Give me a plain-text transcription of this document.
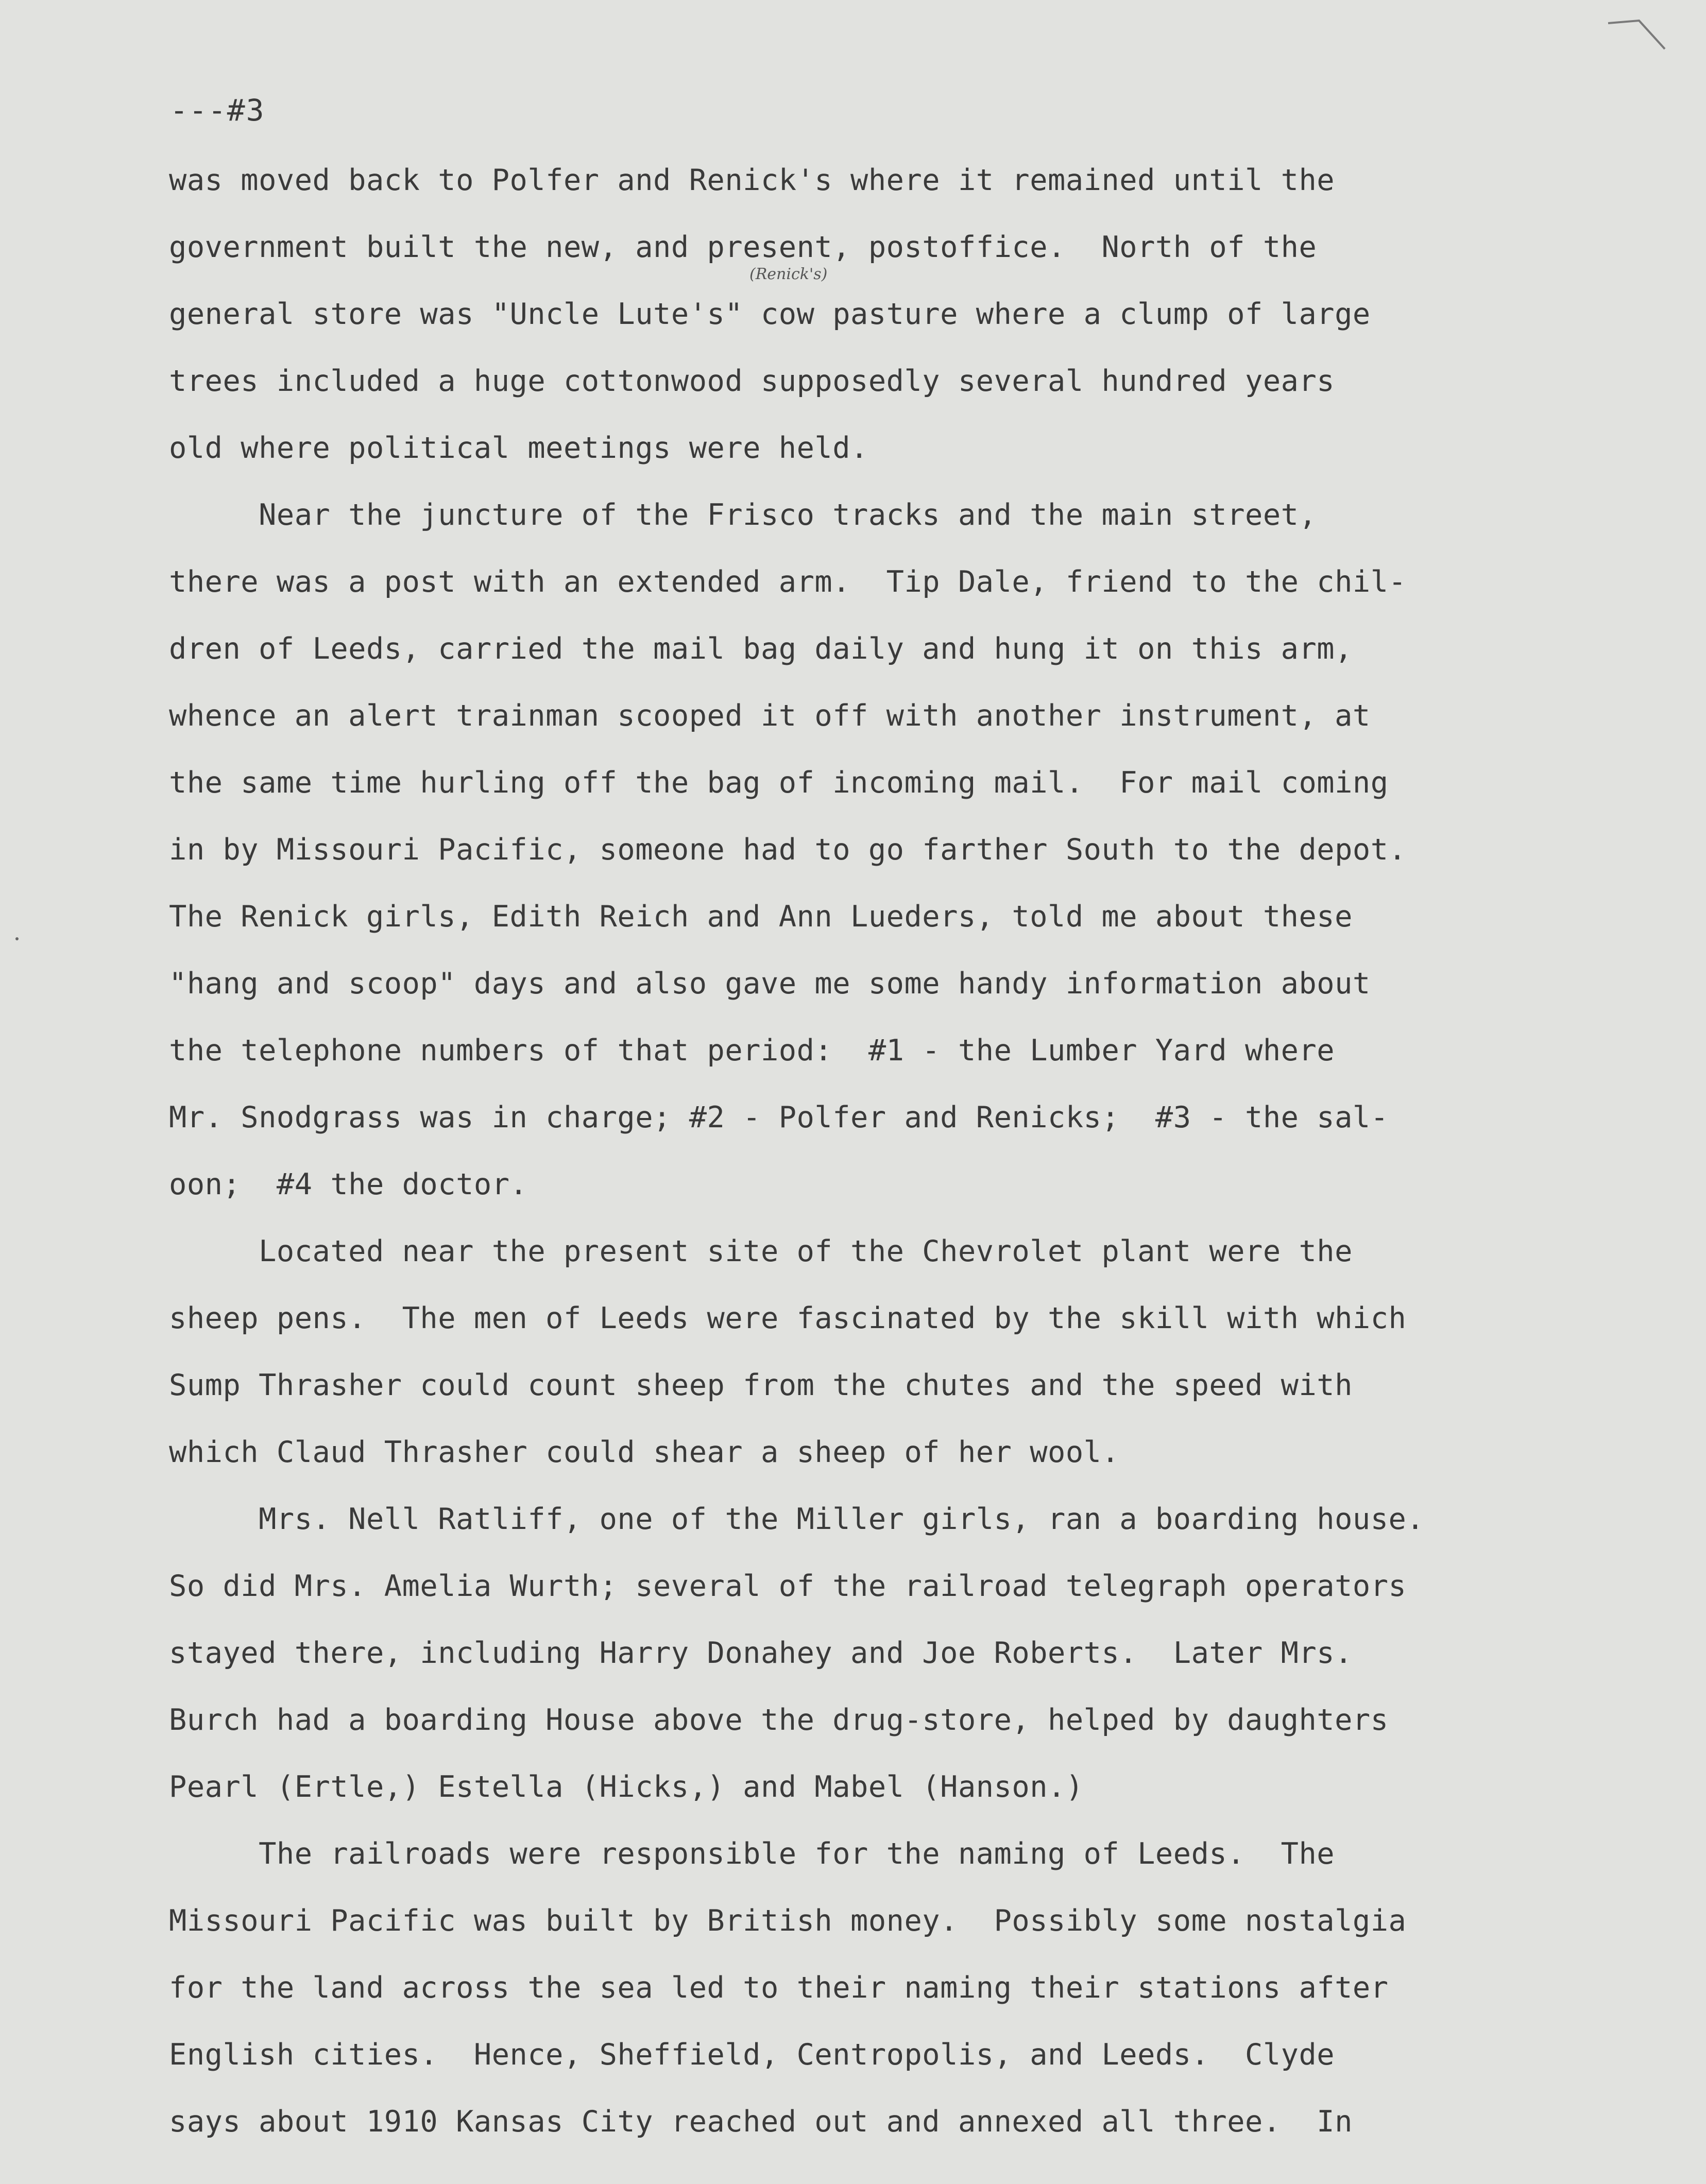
---#3
(Renick's)
was moved back to Polfer and Renick's where it remained until the
government built the new, and present, postoffice.  North of the
general store was "Uncle Lute's" cow pasture where a clump of large
trees included a huge cottonwood supposedly several hundred years
old where political meetings were held.
Near the juncture of the Frisco tracks and the main street,
there was a post with an extended arm.  Tip Dale, friend to the chil-
dren of Leeds, carried the mail bag daily and hung it on this arm,
whence an alert trainman scooped it off with another instrument, at
the same time hurling off the bag of incoming mail.  For mail coming
in by Missouri Pacific, someone had to go farther South to the depot.
The Renick girls, Edith Reich and Ann Lueders, told me about these
"hang and scoop" days and also gave me some handy information about
the telephone numbers of that period:  #1 - the Lumber Yard where
Mr. Snodgrass was in charge; #2 - Polfer and Renicks;  #3 - the sal-
oon;  #4 the doctor.
Located near the present site of the Chevrolet plant were the
sheep pens.  The men of Leeds were fascinated by the skill with which
Sump Thrasher could count sheep from the chutes and the speed with
which Claud Thrasher could shear a sheep of her wool.
Mrs. Nell Ratliff, one of the Miller girls, ran a boarding house.
So did Mrs. Amelia Wurth; several of the railroad telegraph operators
stayed there, including Harry Donahey and Joe Roberts.  Later Mrs.
Burch had a boarding House above the drug-store, helped by daughters
Pearl (Ertle,) Estella (Hicks,) and Mabel (Hanson.)
The railroads were responsible for the naming of Leeds.  The
Missouri Pacific was built by British money.  Possibly some nostalgia
for the land across the sea led to their naming their stations after
English cities.  Hence, Sheffield, Centropolis, and Leeds.  Clyde
says about 1910 Kansas City reached out and annexed all three.  In
